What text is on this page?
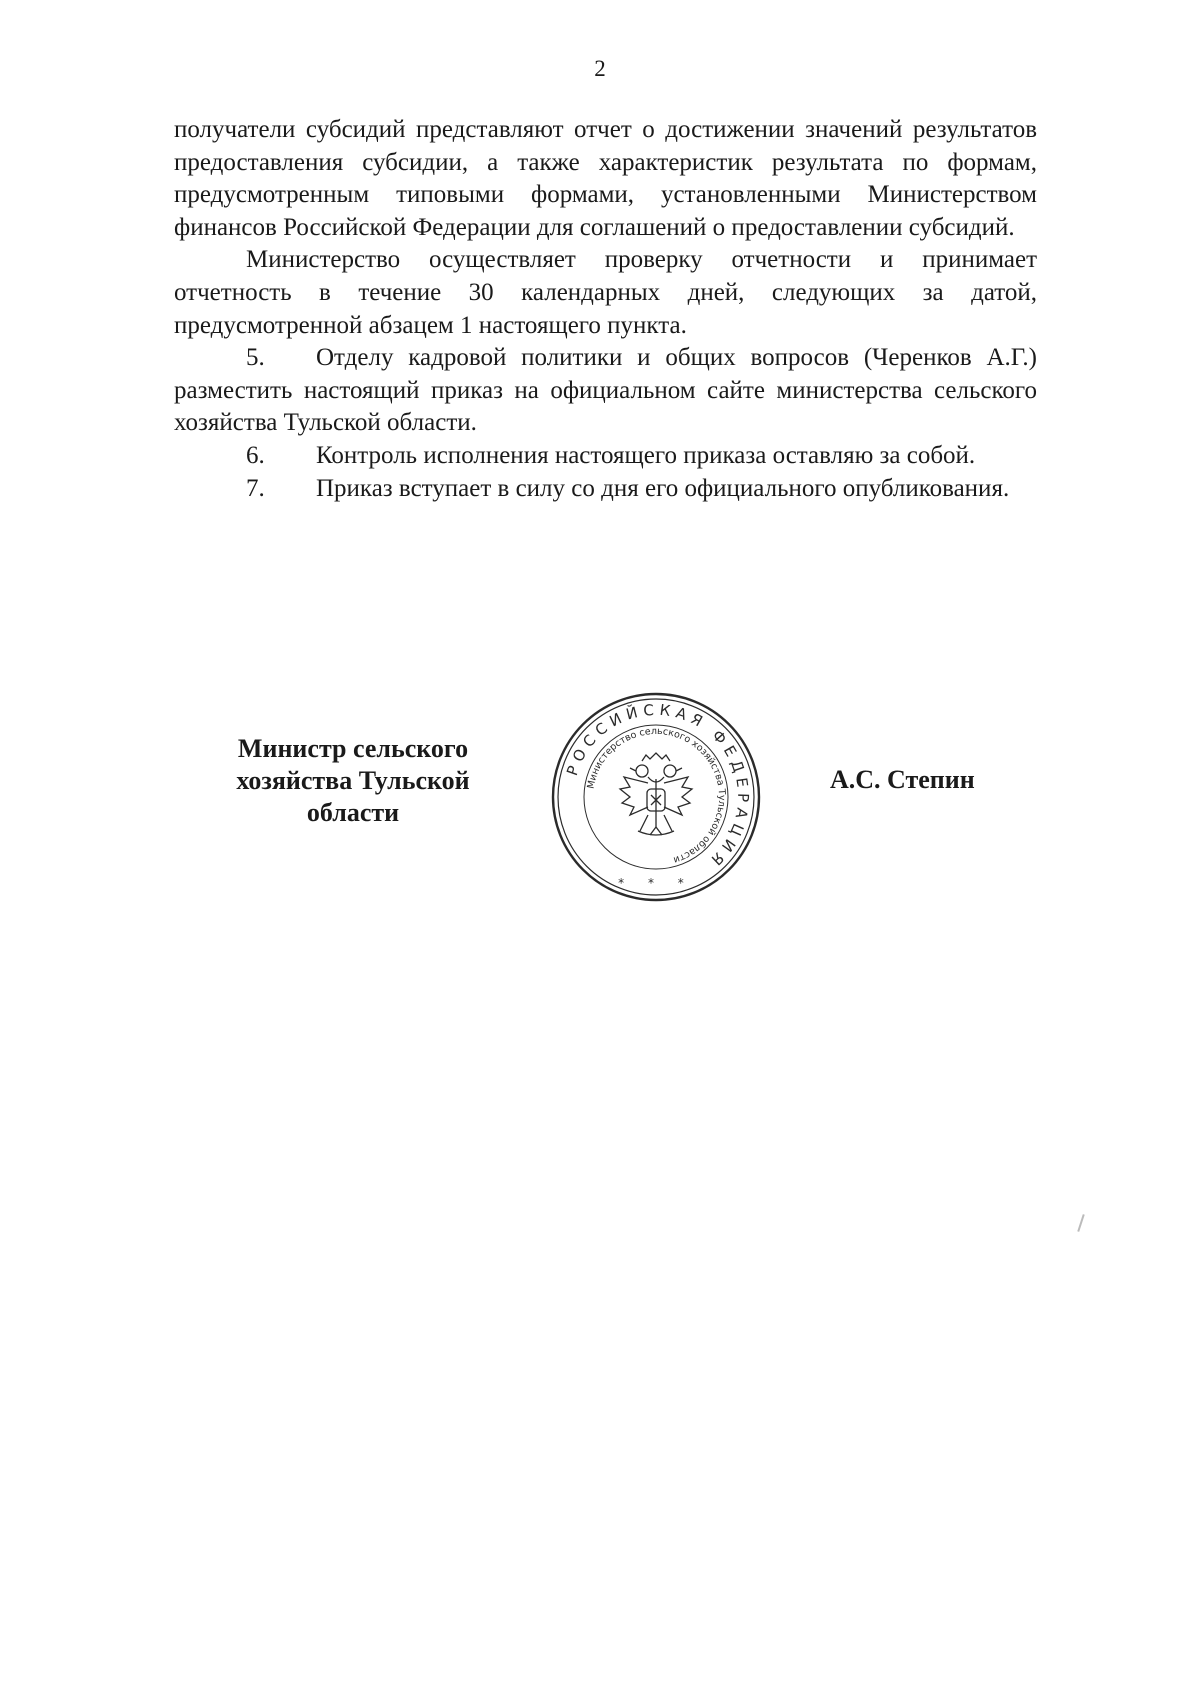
2

получатели субсидий представляют отчет о достижении значений результатов предоставления субсидии, а также характеристик результата по формам, предусмотренным типовыми формами, установленными Министерством финансов Российской Федерации для соглашений о предоставлении субсидий.

Министерство осуществляет проверку отчетности и принимает отчетность в течение 30 календарных дней, следующих за датой, предусмотренной абзацем 1 настоящего пункта.

5. Отделу кадровой политики и общих вопросов (Черенков А.Г.) разместить настоящий приказ на официальном сайте министерства сельского хозяйства Тульской области.

6. Контроль исполнения настоящего приказа оставляю за собой.

7. Приказ вступает в силу со дня его официального опубликования.

Министр сельского хозяйства Тульской области
РОССИЙСКАЯ ФЕДЕРАЦИЯ
Министерство сельского хозяйства Тульской области
* * *
А.С. Степин
